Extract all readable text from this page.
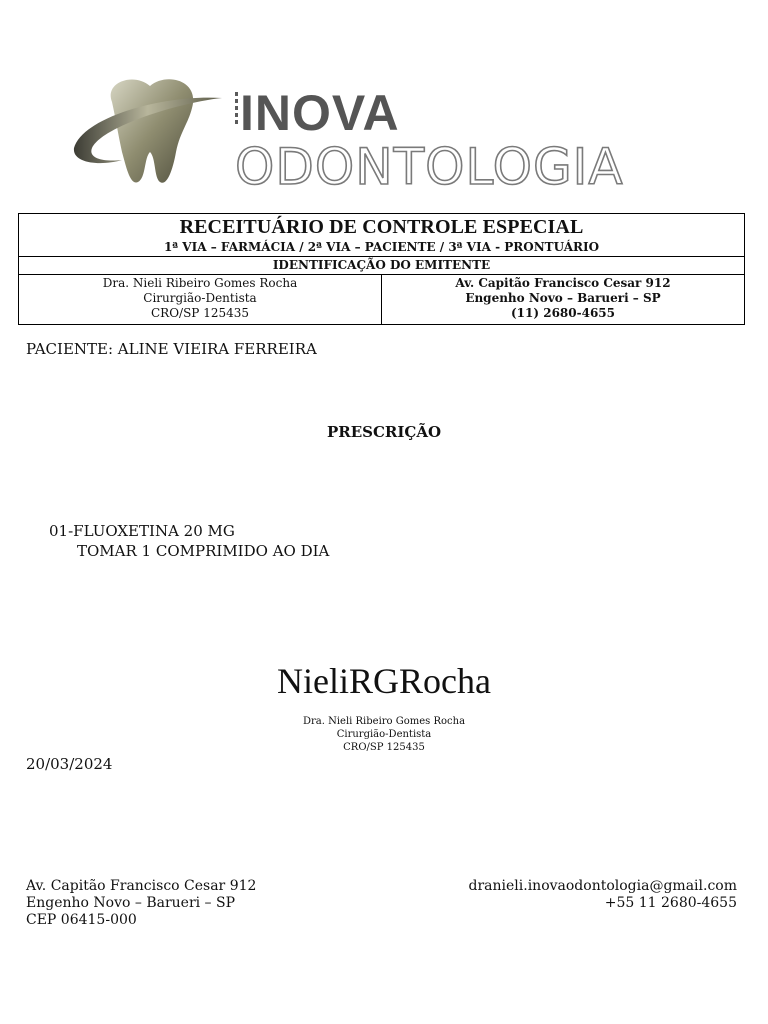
INOVA
ODONTOLOGIA
RECEITUÁRIO DE CONTROLE ESPECIAL
1ª VIA – FARMÁCIA / 2ª VIA – PACIENTE / 3ª VIA - PRONTUÁRIO

IDENTIFICAÇÃO DO EMITENTE

Dra. Nieli Ribeiro Gomes Rocha
Cirurgião-Dentista
CRO/SP 125435

Av. Capitão Francisco Cesar 912
Engenho Novo – Barueri – SP
(11) 2680-4655
PACIENTE: ALINE VIEIRA FERREIRA
PRESCRIÇÃO
01-FLUOXETINA 20 MG
TOMAR 1 COMPRIMIDO AO DIA
NieliRGRocha
Dra. Nieli Ribeiro Gomes Rocha
Cirurgião-Dentista
CRO/SP 125435
20/03/2024
Av. Capitão Francisco Cesar 912
Engenho Novo – Barueri – SP
CEP 06415-000
dranieli.inovaodontologia@gmail.com
+55 11 2680-4655
